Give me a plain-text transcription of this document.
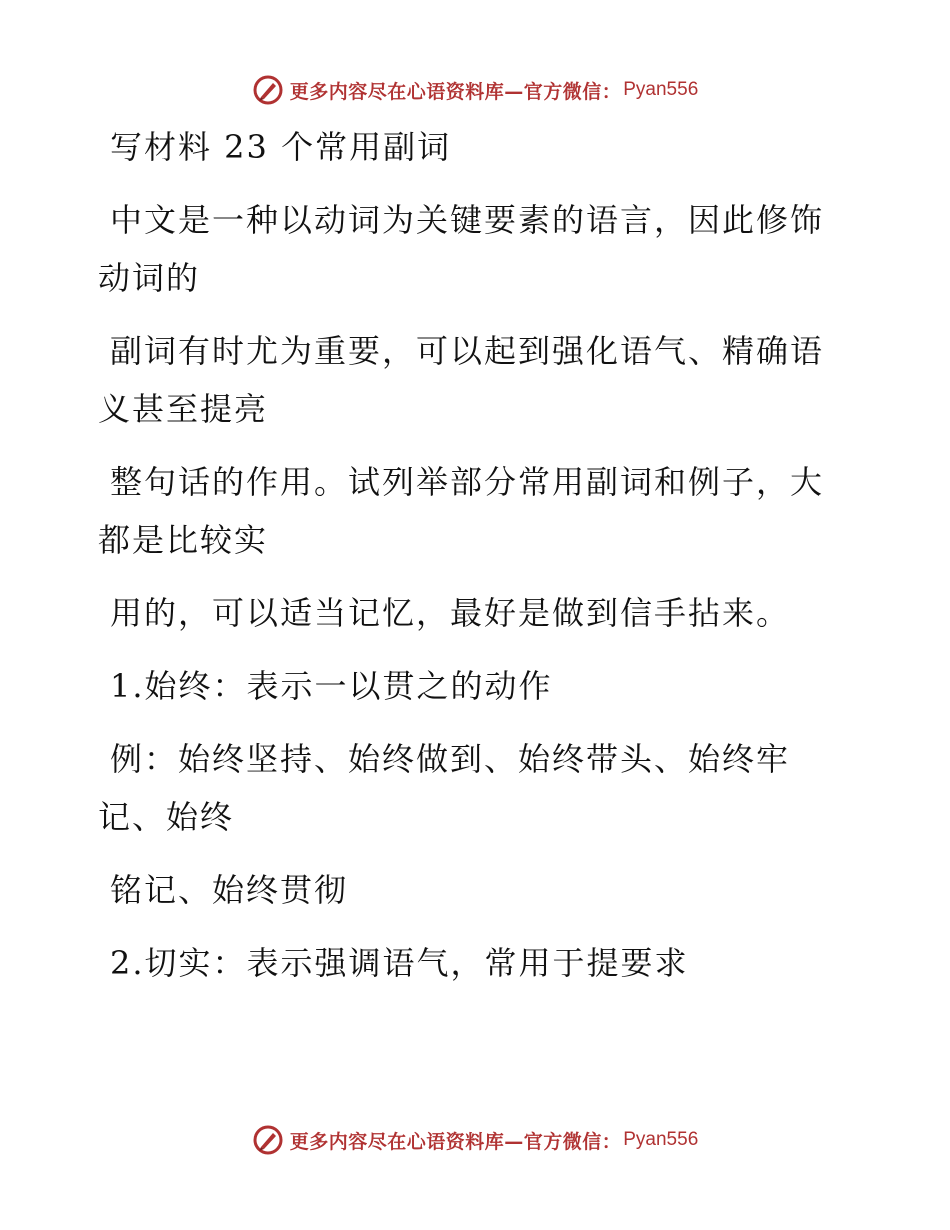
更多内容尽在心语资料库—官方微信： Pyan556

写材料 23 个常用副词

中文是一种以动词为关键要素的语言，因此修饰

动词的

副词有时尤为重要，可以起到强化语气、精确语

义甚至提亮

整句话的作用。试列举部分常用副词和例子，大

都是比较实

用的，可以适当记忆，最好是做到信手拈来。

1.始终：表示一以贯之的动作

例：始终坚持、始终做到、始终带头、始终牢

记、始终

铭记、始终贯彻

2.切实：表示强调语气，常用于提要求

更多内容尽在心语资料库—官方微信： Pyan556
